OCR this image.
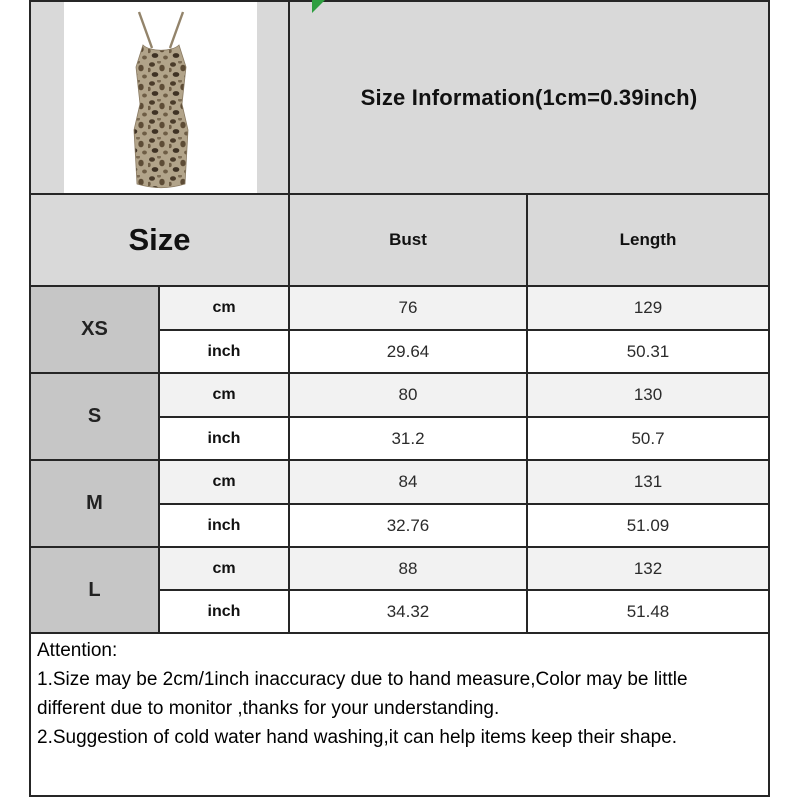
Size Information(1cm=0.39inch)
Size	Bust	Length
XS
cm	76	129
inch	29.64	50.31
S
cm	80	130
inch	31.2	50.7
M
cm	84	131
inch	32.76	51.09
L
cm	88	132
inch	34.32	51.48

Attention:

1.Size may be 2cm/1inch inaccuracy due to hand measure,Color may be little different due to monitor ,thanks for your understanding.

2.Suggestion of cold water hand washing,it can help items keep their shape.
